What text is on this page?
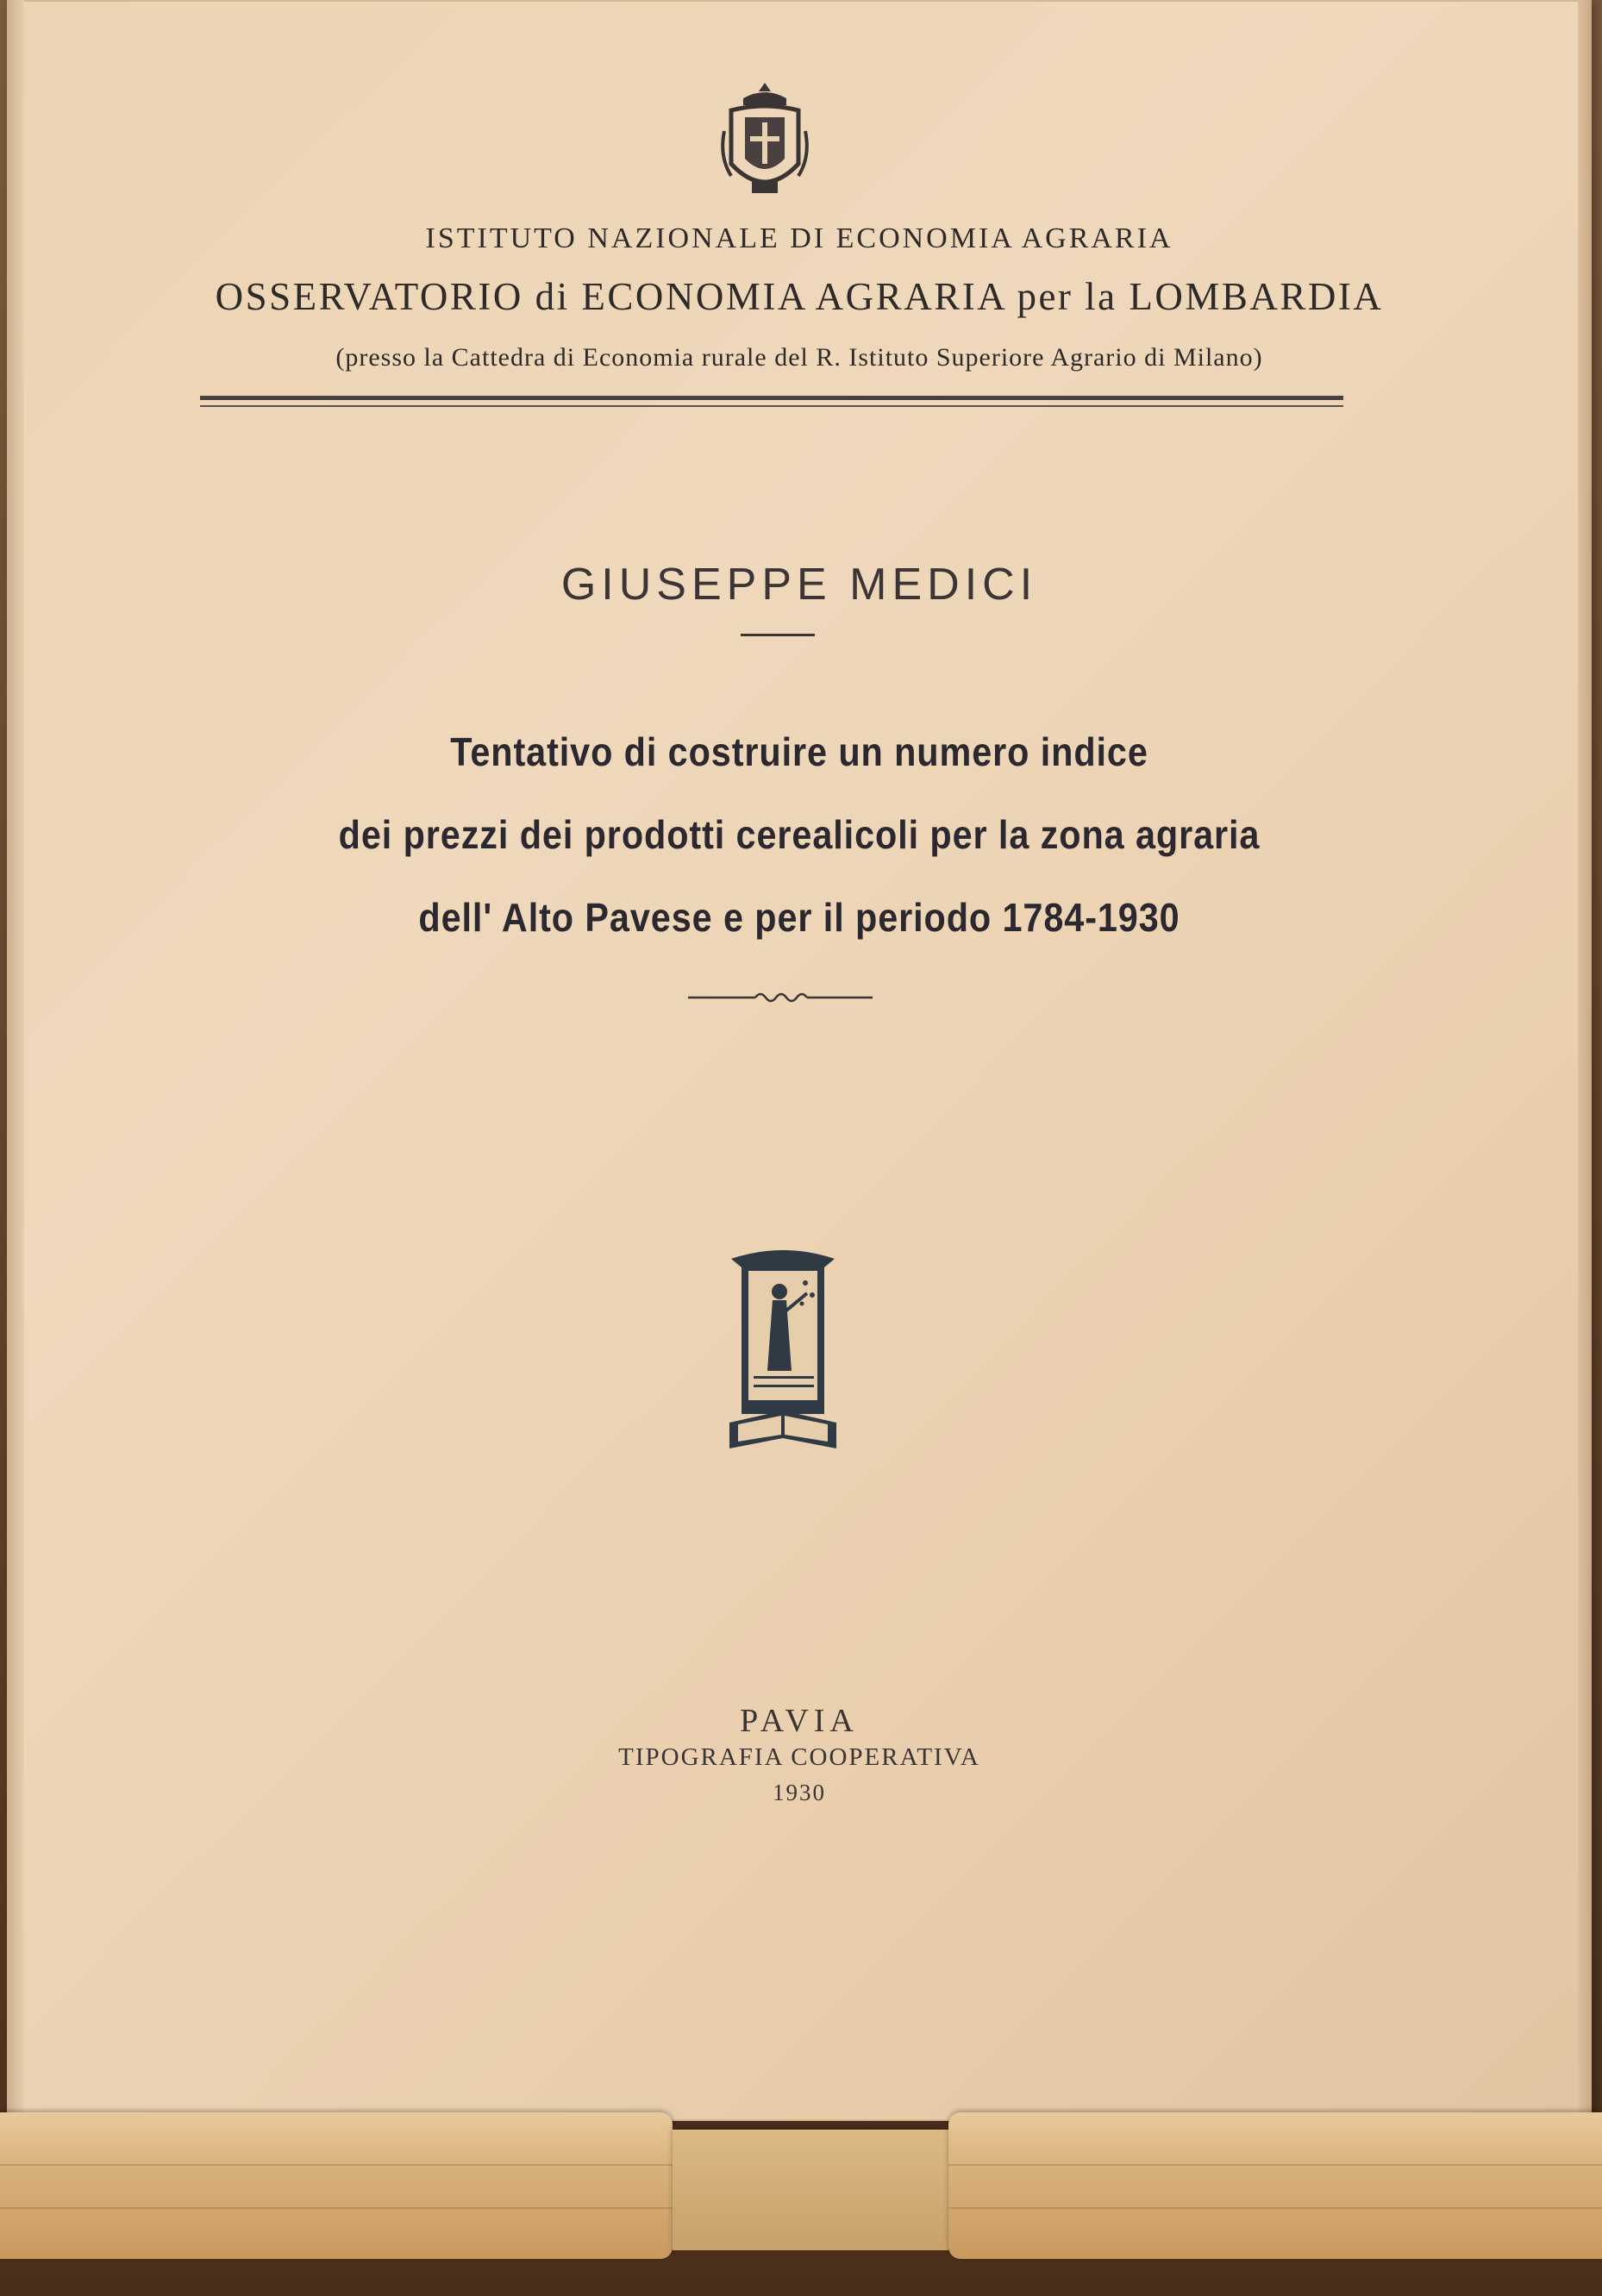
ISTITUTO NAZIONALE DI ECONOMIA AGRARIA
OSSERVATORIO di ECONOMIA AGRARIA per la LOMBARDIA
(presso la Cattedra di Economia rurale del R. Istituto Superiore Agrario di Milano)
GIUSEPPE MEDICI
Tentativo di costruire un numero indice
dei prezzi dei prodotti cerealicoli per la zona agraria
dell' Alto Pavese e per il periodo 1784-1930
PAVIA
TIPOGRAFIA COOPERATIVA
1930
